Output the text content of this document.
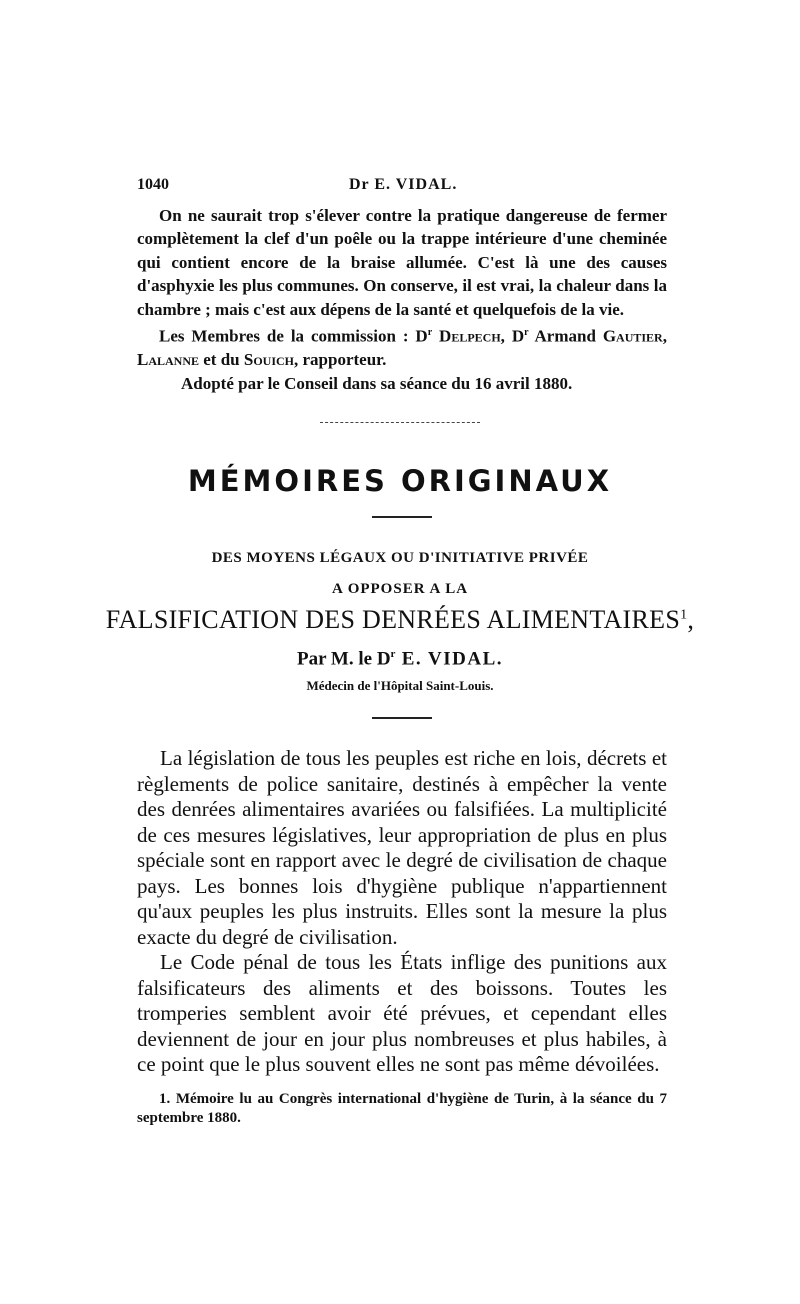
1040	Dr E. VIDAL.

On ne saurait trop s'élever contre la pratique dangereuse de fermer complètement la clef d'un poêle ou la trappe intérieure d'une cheminée qui contient encore de la braise allumée. C'est là une des causes d'asphyxie les plus communes. On conserve, il est vrai, la chaleur dans la chambre ; mais c'est aux dépens de la santé et quelquefois de la vie.

Les Membres de la commission : $D^r$ Delpech, $D^r$ Armand Gautier, Lalanne et du Souich, rapporteur.

Adopté par le Conseil dans sa séance du 16 avril 1880.

MÉMOIRES ORIGINAUX
DES MOYENS LÉGAUX OU D'INITIATIVE PRIVÉE
A OPPOSER A LA
FALSIFICATION DES DENRÉES ALIMENTAIRES$^1$,
Par M. le $D^r$ E. VIDAL.
Médecin de l'Hôpital Saint-Louis.

La législation de tous les peuples est riche en lois, décrets et règlements de police sanitaire, destinés à empêcher la vente des denrées alimentaires avariées ou falsifiées. La multiplicité de ces mesures législatives, leur appropriation de plus en plus spéciale sont en rapport avec le degré de civilisation de chaque pays. Les bonnes lois d'hygiène publique n'appartiennent qu'aux peuples les plus instruits. Elles sont la mesure la plus exacte du degré de civilisation.

Le Code pénal de tous les États inflige des punitions aux falsificateurs des aliments et des boissons. Toutes les tromperies semblent avoir été prévues, et cependant elles deviennent de jour en jour plus nombreuses et plus habiles, à ce point que le plus souvent elles ne sont pas même dévoilées.

1. Mémoire lu au Congrès international d'hygiène de Turin, à la séance du 7 septembre 1880.
